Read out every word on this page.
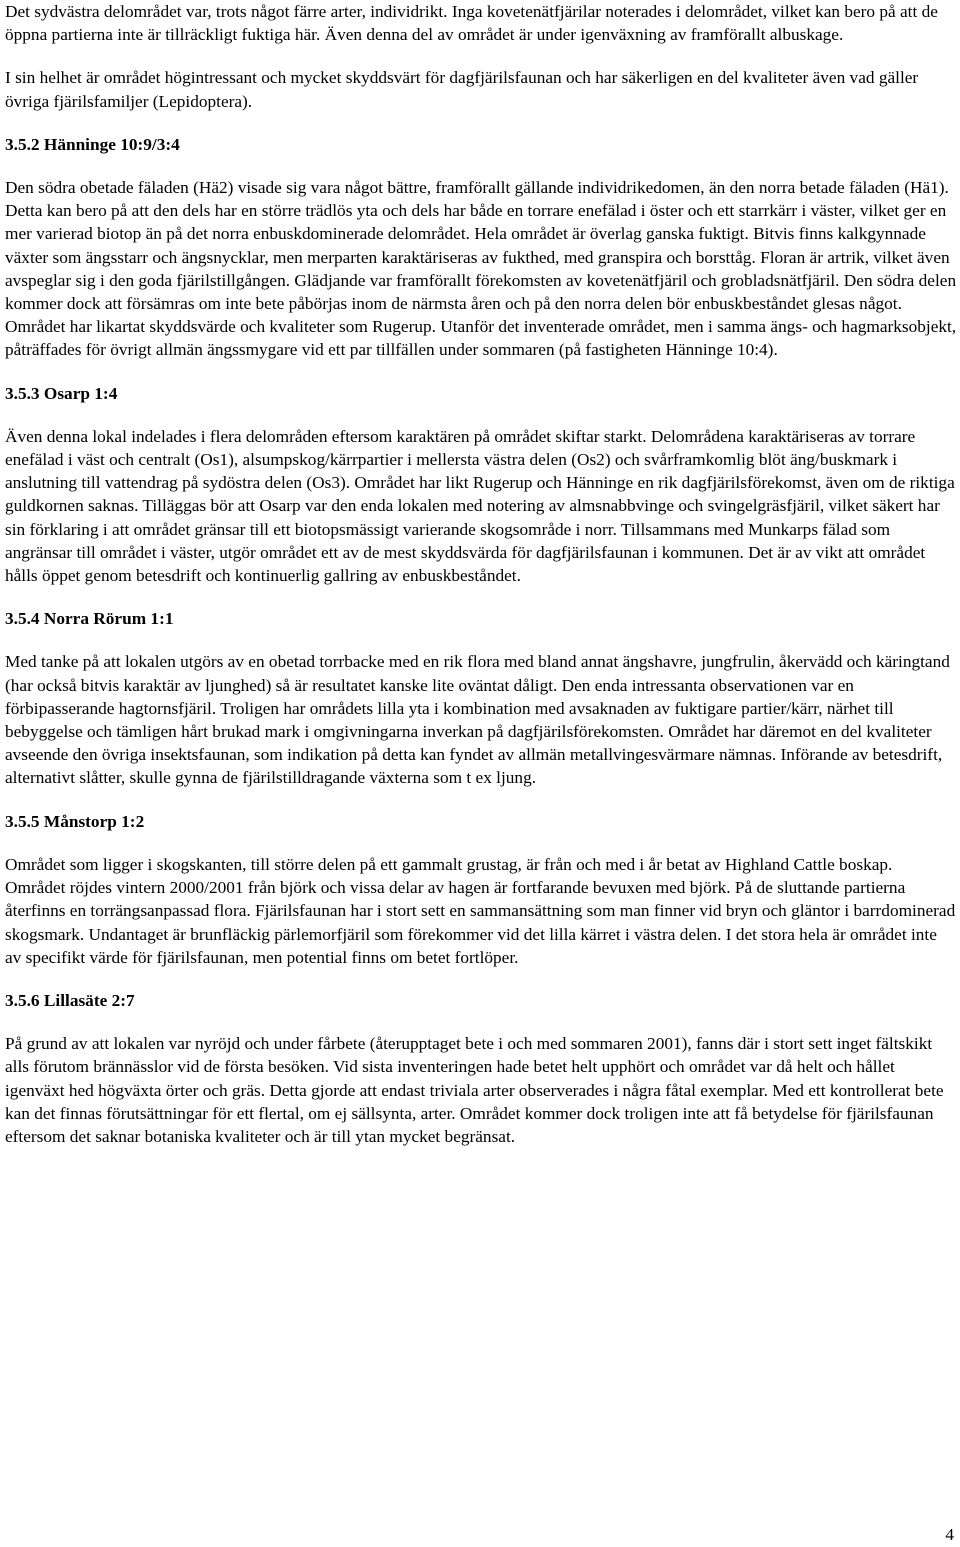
Det sydvästra delområdet var, trots något färre arter, individrikt. Inga kovetenätfjärilar noterades i delområdet, vilket kan bero på att de öppna partierna inte är tillräckligt fuktiga här. Även denna del av området är under igenväxning av framförallt albuskage.

I sin helhet är området högintressant och mycket skyddsvärt för dagfjärilsfaunan och har säkerligen en del kvaliteter även vad gäller övriga fjärilsfamiljer (Lepidoptera).

3.5.2 Hänninge 10:9/3:4

Den södra obetade fäladen (Hä2) visade sig vara något bättre, framförallt gällande individrikedomen, än den norra betade fäladen (Hä1). Detta kan bero på att den dels har en större trädlös yta och dels har både en torrare enefälad i öster och ett starrkärr i väster, vilket ger en mer varierad biotop än på det norra enbuskdominerade delområdet. Hela området är överlag ganska fuktigt. Bitvis finns kalkgynnade växter som ängsstarr och ängsnycklar, men merparten karaktäriseras av fukthed, med granspira och borsttåg. Floran är artrik, vilket även avspeglar sig i den goda fjärilstillgången. Glädjande var framförallt förekomsten av kovetenätfjäril och grobladsnätfjäril. Den södra delen kommer dock att försämras om inte bete påbörjas inom de närmsta åren och på den norra delen bör enbuskbeståndet glesas något. Området har likartat skyddsvärde och kvaliteter som Rugerup. Utanför det inventerade området, men i samma ängs- och hagmarksobjekt, påträffades för övrigt allmän ängssmygare vid ett par tillfällen under sommaren (på fastigheten Hänninge 10:4).

3.5.3 Osarp 1:4

Även denna lokal indelades i flera delområden eftersom karaktären på området skiftar starkt. Delområdena karaktäriseras av torrare enefälad i väst och centralt (Os1), alsumpskog/kärrpartier i mellersta västra delen (Os2) och svårframkomlig blöt äng/buskmark i anslutning till vattendrag på sydöstra delen (Os3). Området har likt Rugerup och Hänninge en rik dagfjärilsförekomst, även om de riktiga guldkornen saknas. Tilläggas bör att Osarp var den enda lokalen med notering av almsnabbvinge och svingelgräsfjäril, vilket säkert har sin förklaring i att området gränsar till ett biotopsmässigt varierande skogsområde i norr. Tillsammans med Munkarps fälad som angränsar till området i väster, utgör området ett av de mest skyddsvärda för dagfjärilsfaunan i kommunen. Det är av vikt att området hålls öppet genom betesdrift och kontinuerlig gallring av enbuskbeståndet.

3.5.4 Norra Rörum 1:1

Med tanke på att lokalen utgörs av en obetad torrbacke med en rik flora med bland annat ängshavre, jungfrulin, åkervädd och käringtand (har också bitvis karaktär av ljunghed) så är resultatet kanske lite oväntat dåligt. Den enda intressanta observationen var en förbipasserande hagtornsfjäril. Troligen har områdets lilla yta i kombination med avsaknaden av fuktigare partier/kärr, närhet till bebyggelse och tämligen hårt brukad mark i omgivningarna inverkan på dagfjärilsförekomsten. Området har däremot en del kvaliteter avseende den övriga insektsfaunan, som indikation på detta kan fyndet av allmän metallvingesvärmare nämnas. Införande av betesdrift, alternativt slåtter, skulle gynna de fjärilstilldragande växterna som t ex ljung.

3.5.5 Månstorp 1:2

Området som ligger i skogskanten, till större delen på ett gammalt grustag, är från och med i år betat av Highland Cattle boskap. Området röjdes vintern 2000/2001 från björk och vissa delar av hagen är fortfarande bevuxen med björk. På de sluttande partierna återfinns en torrängsanpassad flora. Fjärilsfaunan har i stort sett en sammansättning som man finner vid bryn och gläntor i barrdominerad skogsmark. Undantaget är brunfläckig pärlemorfjäril som förekommer vid det lilla kärret i västra delen. I det stora hela är området inte av specifikt värde för fjärilsfaunan, men potential finns om betet fortlöper.

3.5.6 Lillasäte 2:7

På grund av att lokalen var nyröjd och under fårbete (återupptaget bete i och med sommaren 2001), fanns där i stort sett inget fältskikt alls förutom brännässlor vid de första besöken. Vid sista inventeringen hade betet helt upphört och området var då helt och hållet igenväxt hed högväxta örter och gräs. Detta gjorde att endast triviala arter observerades i några fåtal exemplar. Med ett kontrollerat bete kan det finnas förutsättningar för ett flertal, om ej sällsynta, arter. Området kommer dock troligen inte att få betydelse för fjärilsfaunan eftersom det saknar botaniska kvaliteter och är till ytan mycket begränsat.

4
